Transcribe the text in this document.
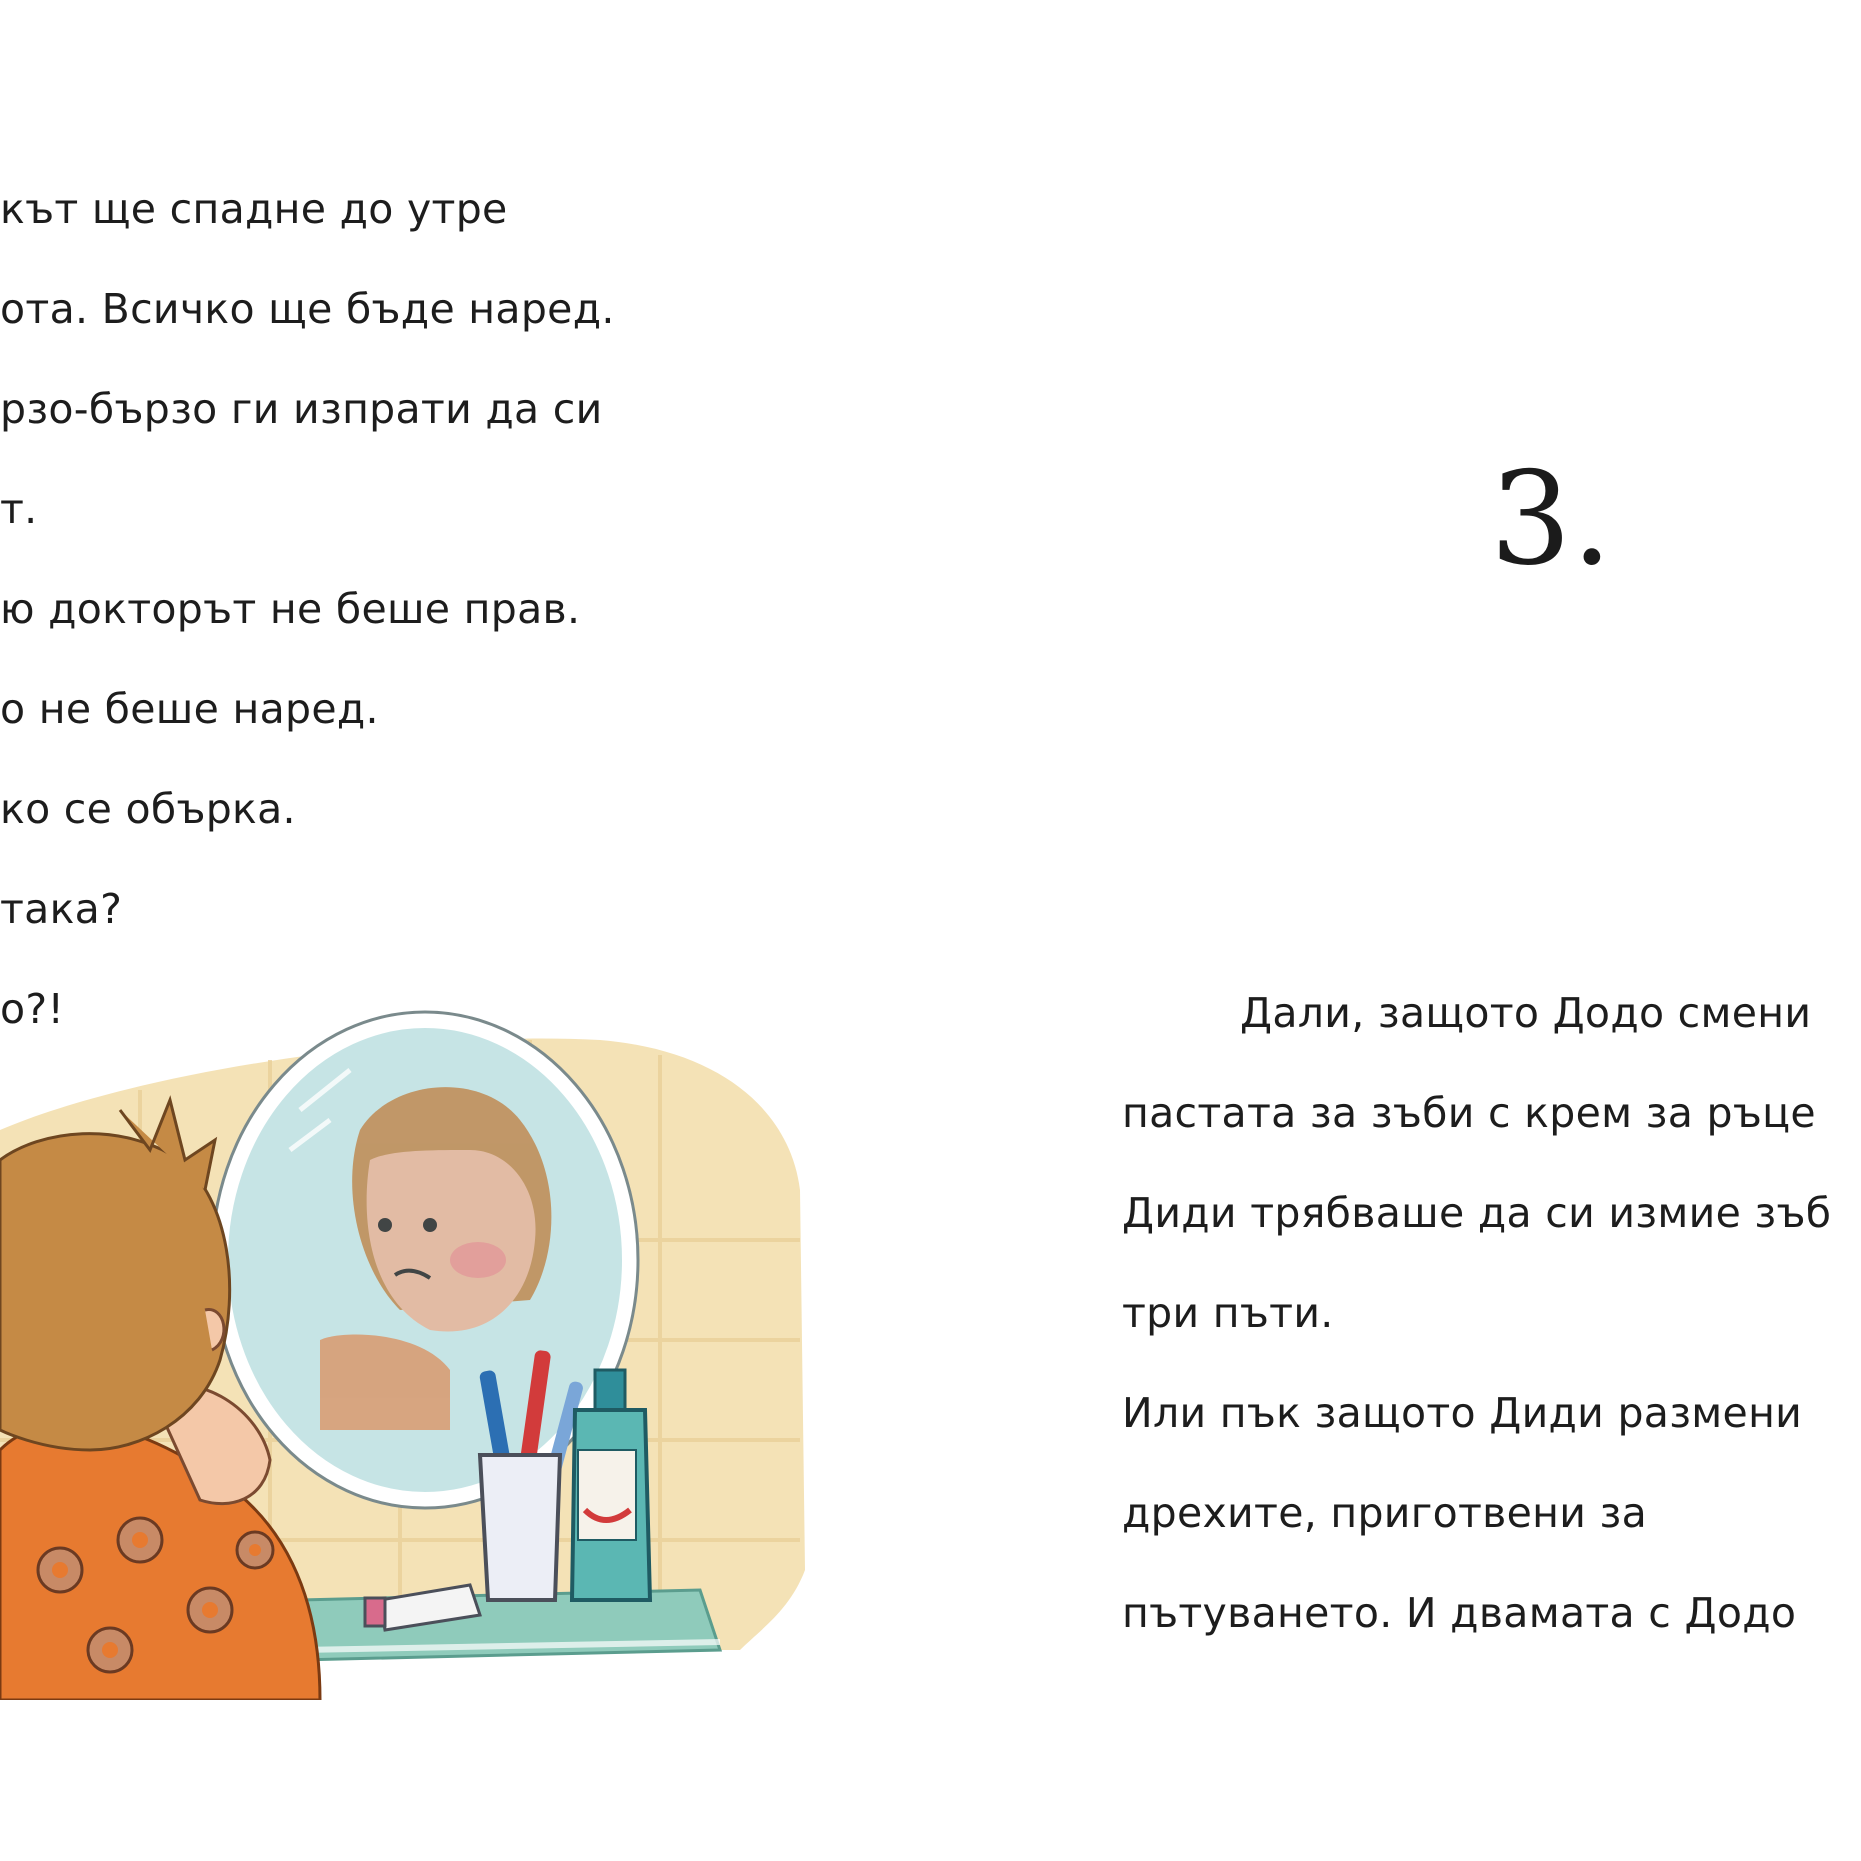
кът ще спадне до утре
ота. Всичко ще бъде наред.
рзо-бързо ги изпрати да си
т.
ю докторът не беше прав.
о не беше наред.
ко се обърка.
така?
о?!
3.
Дали, защото Додо смени
пастата за зъби с крем за ръце
Диди трябваше да си измие зъб
три пъти.
Или пък защото Диди размени
дрехите, приготвени за
пътуването. И двамата с Додо
